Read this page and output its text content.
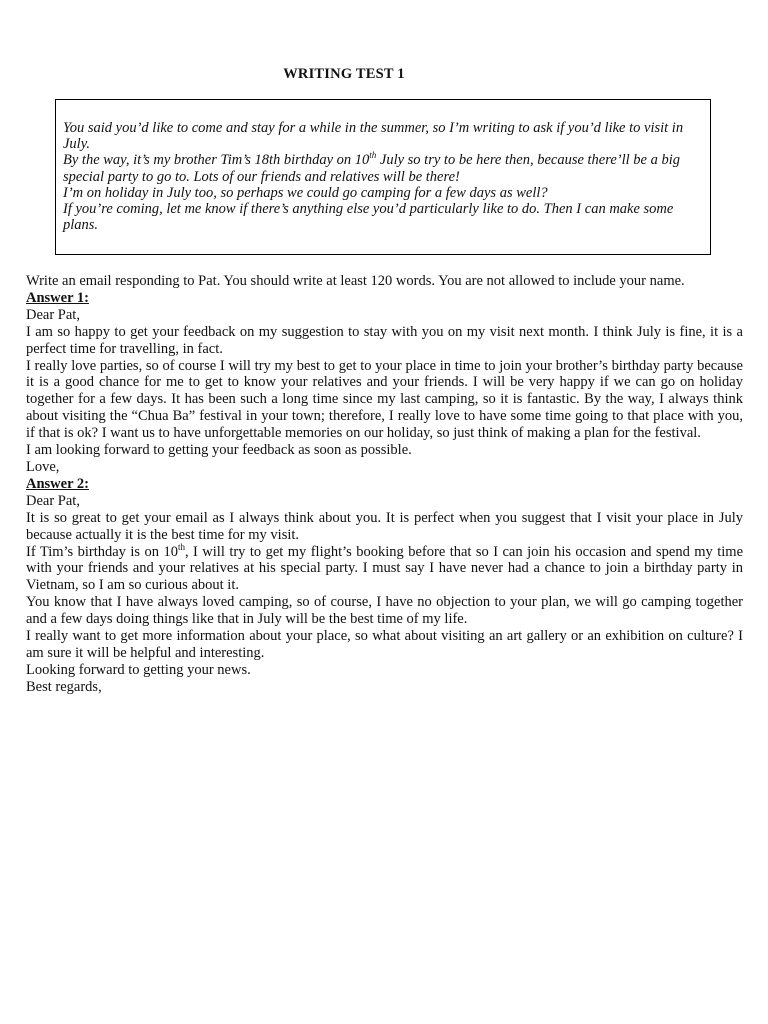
WRITING TEST 1

You said you’d like to come and stay for a while in the summer, so I’m writing to ask if you’d like to visit in July.

By the way, it’s my brother Tim’s 18th birthday on 10th July so try to be here then, because there’ll be a big special party to go to. Lots of our friends and relatives will be there!

I’m on holiday in July too, so perhaps we could go camping for a few days as well?

If you’re coming, let me know if there’s anything else you’d particularly like to do. Then I can make some plans.

Write an email responding to Pat. You should write at least 120 words. You are not allowed to include your name.

Answer 1:

Dear Pat,

I am so happy to get your feedback on my suggestion to stay with you on my visit next month. I think July is fine, it is a perfect time for travelling, in fact.

I really love parties, so of course I will try my best to get to your place in time to join your brother’s birthday party because it is a good chance for me to get to know your relatives and your friends. I will be very happy if we can go on holiday together for a few days. It has been such a long time since my last camping, so it is fantastic. By the way, I always think about visiting the “Chua Ba” festival in your town; therefore, I really love to have some time going to that place with you, if that is ok? I want us to have unforgettable memories on our holiday, so just think of making a plan for the festival.

I am looking forward to getting your feedback as soon as possible.

Love,

Answer 2:

Dear Pat,

It is so great to get your email as I always think about you. It is perfect when you suggest that I visit your place in July because actually it is the best time for my visit.

If Tim’s birthday is on 10th, I will try to get my flight’s booking before that so I can join his occasion and spend my time with your friends and your relatives at his special party. I must say I have never had a chance to join a birthday party in Vietnam, so I am so curious about it.

You know that I have always loved camping, so of course, I have no objection to your plan, we will go camping together and a few days doing things like that in July will be the best time of my life.

I really want to get more information about your place, so what about visiting an art gallery or an exhibition on culture? I am sure it will be helpful and interesting.

Looking forward to getting your news.

Best regards,
